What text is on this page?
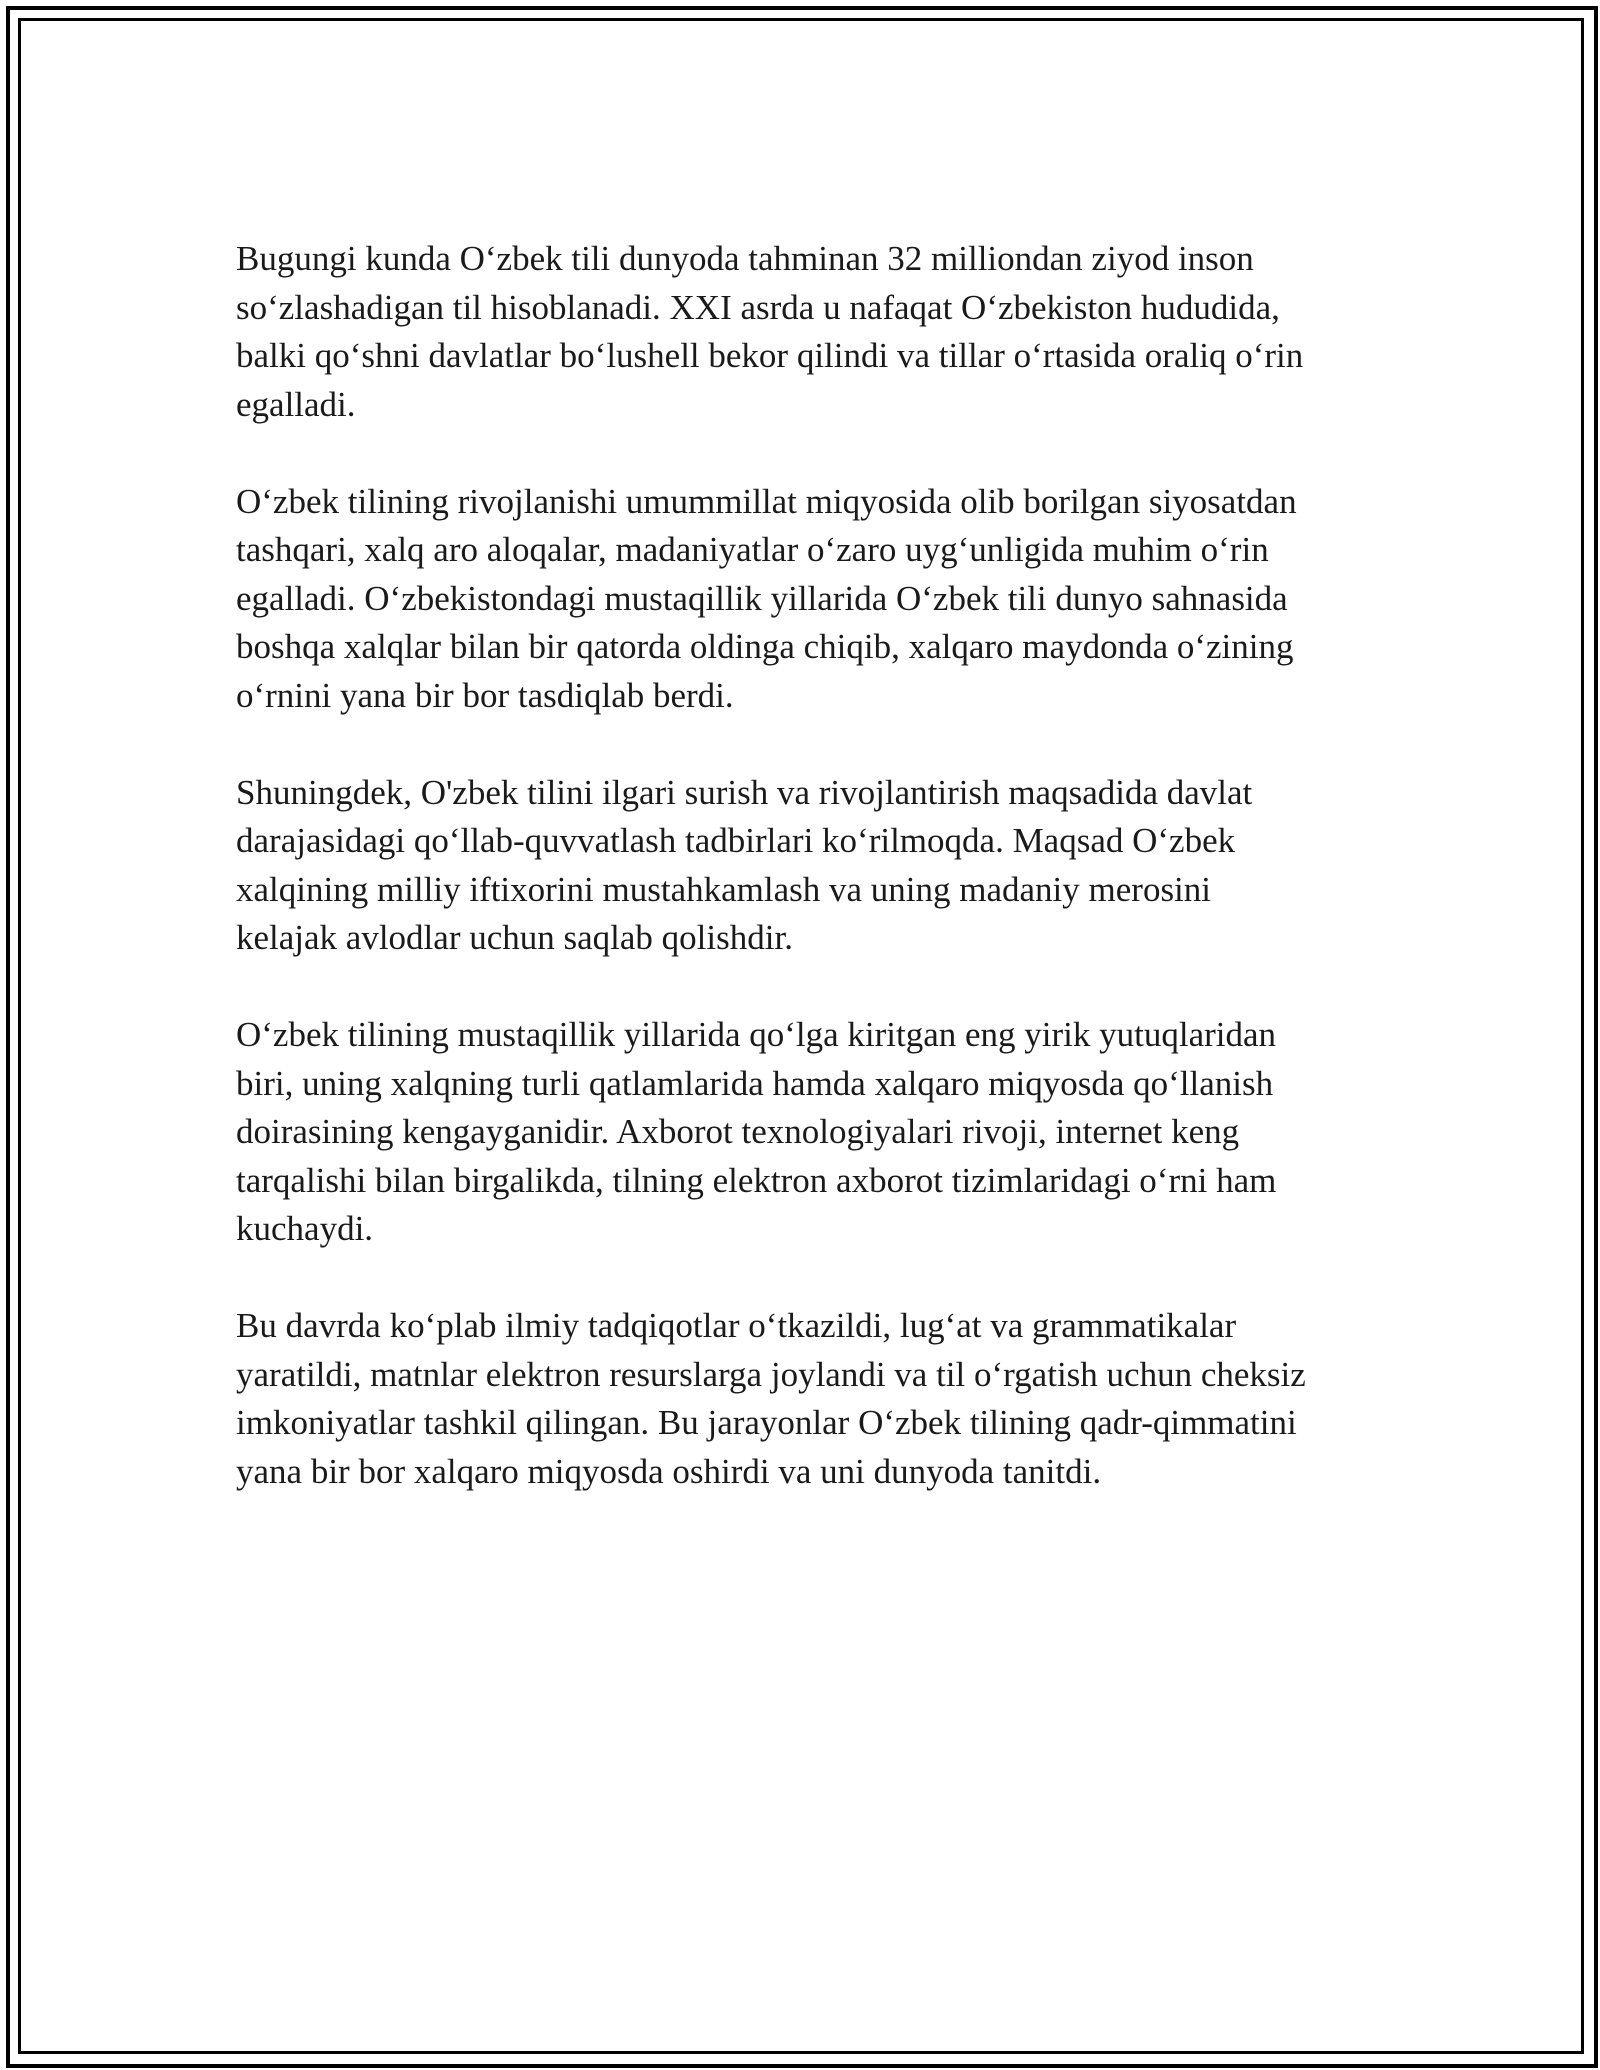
Bugungi kunda O‘zbek tili dunyoda tahminan 32 milliondan ziyod inson
so‘zlashadigan til hisoblanadi. XXI asrda u nafaqat O‘zbekiston hududida,
balki qo‘shni davlatlar bo‘lushell bekor qilindi va tillar o‘rtasida oraliq o‘rin
egalladi.

O‘zbek tilining rivojlanishi umummillat miqyosida olib borilgan siyosatdan
tashqari, xalq aro aloqalar, madaniyatlar o‘zaro uyg‘unligida muhim o‘rin
egalladi. O‘zbekistondagi mustaqillik yillarida O‘zbek tili dunyo sahnasida
boshqa xalqlar bilan bir qatorda oldinga chiqib, xalqaro maydonda o‘zining
o‘rnini yana bir bor tasdiqlab berdi.

Shuningdek, O'zbek tilini ilgari surish va rivojlantirish maqsadida davlat
darajasidagi qo‘llab-quvvatlash tadbirlari ko‘rilmoqda. Maqsad O‘zbek
xalqining milliy iftixorini mustahkamlash va uning madaniy merosini
kelajak avlodlar uchun saqlab qolishdir.

O‘zbek tilining mustaqillik yillarida qo‘lga kiritgan eng yirik yutuqlaridan
biri, uning xalqning turli qatlamlarida hamda xalqaro miqyosda qo‘llanish
doirasining kengayganidir. Axborot texnologiyalari rivoji, internet keng
tarqalishi bilan birgalikda, tilning elektron axborot tizimlaridagi o‘rni ham
kuchaydi.

Bu davrda ko‘plab ilmiy tadqiqotlar o‘tkazildi, lug‘at va grammatikalar
yaratildi, matnlar elektron resurslarga joylandi va til o‘rgatish uchun cheksiz
imkoniyatlar tashkil qilingan. Bu jarayonlar O‘zbek tilining qadr-qimmatini
yana bir bor xalqaro miqyosda oshirdi va uni dunyoda tanitdi.
